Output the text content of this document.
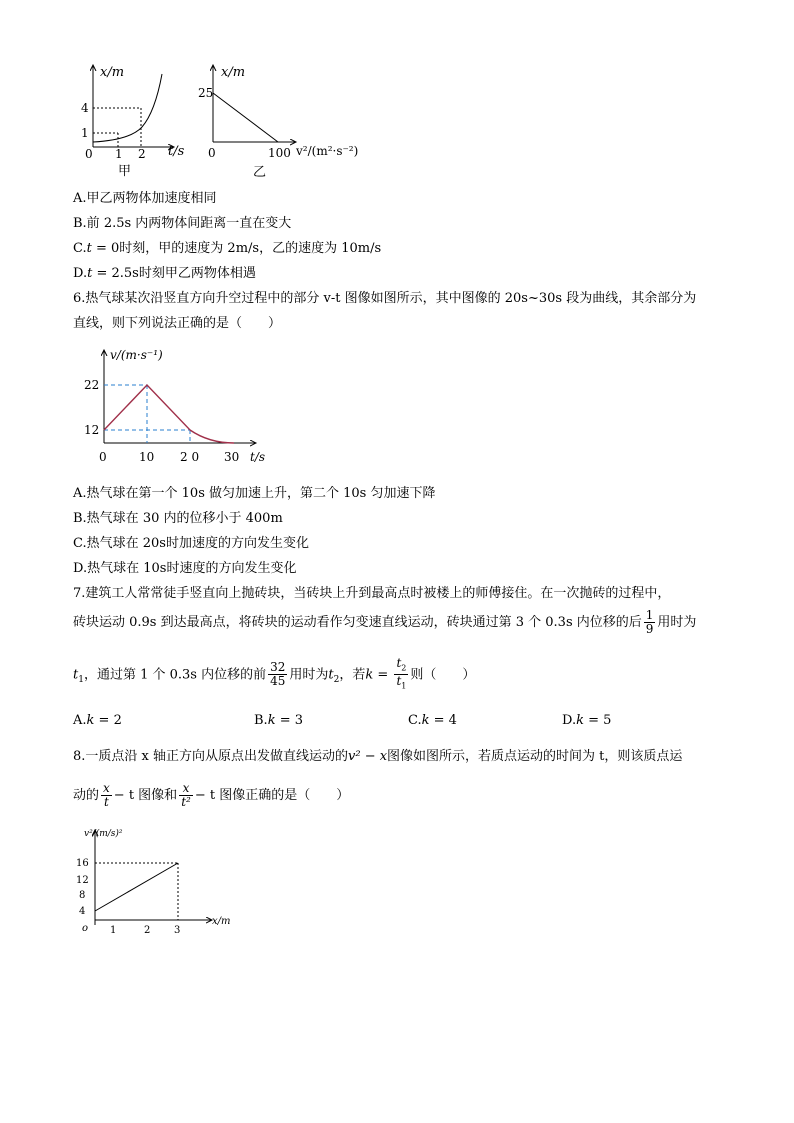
x/m
4
1
0 1 2 t/s
甲
x/m
25
0	100 v²/(m²·s⁻²)
乙
A.甲乙两物体加速度相同
B.前 2.5s 内两物体间距离一直在变大
C.t = 0时刻，甲的速度为 2m/s，乙的速度为 10m/s
D.t = 2.5s时刻甲乙两物体相遇
6.热气球某次沿竖直方向升空过程中的部分 v-t 图像如图所示，其中图像的 20s~30s 段为曲线，其余部分为
直线，则下列说法正确的是（　　）
v/(m·s⁻¹)
22
12
0	10 2 0 30 t/s
A.热气球在第一个 10s 做匀加速上升，第二个 10s 匀加速下降
B.热气球在 30 内的位移小于 400m
C.热气球在 20s时加速度的方向发生变化
D.热气球在 10s时速度的方向发生变化
7.建筑工人常常徒手竖直向上抛砖块，当砖块上升到最高点时被楼上的师傅接住。在一次抛砖的过程中，
砖块运动 0.9s 到达最高点，将砖块的运动看作匀变速直线运动，砖块通过第 3 个 0.3s 内位移的后 $\frac{1}{9}$ 用时为
$t_1$，通过第 1 个 0.3s 内位移的前 $\frac{32}{45}$ 用时为$t_2$，若$k = \frac{t_2}{t_1}$ 则（　　）
A.k = 2	B.k = 3	C.k = 4	D.k = 5
8.一质点沿 x 轴正方向从原点出发做直线运动的v² − x图像如图所示，若质点运动的时间为 t，则该质点运
动的 $\frac{x}{t} - t$ 图像和 $\frac{x}{\text{t²}} - t$ 图像正确的是（　　）
v²/(m/s)²
16
12
8
4
o 1	2 3
x/m
